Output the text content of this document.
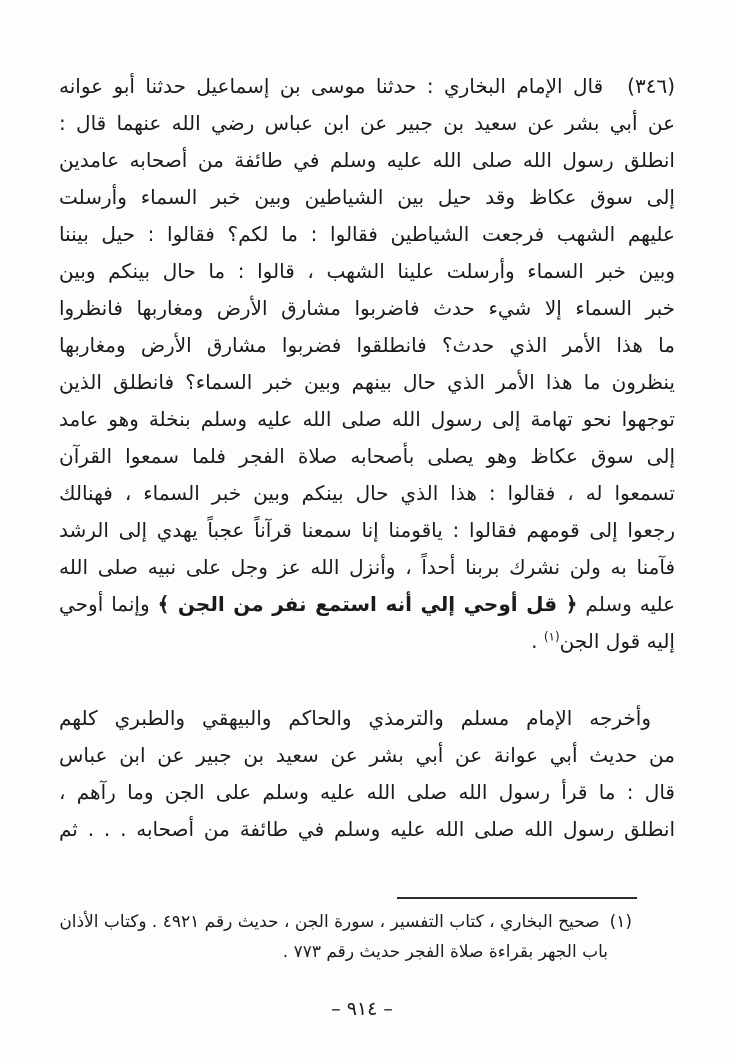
(٣٤٦)
قال الإمام البخاري : حدثنا موسى بن إسماعيل حدثنا أبو عوانه
عن أبي بشر عن سعيد بن جبير عن ابن عباس رضي الله عنهما قال :
انطلق رسول الله صلى الله عليه وسلم في طائفة من أصحابه عامدين
إلى سوق عكاظ وقد حيل بين الشياطين وبين خبر السماء وأرسلت
عليهم الشهب فرجعت الشياطين فقالوا : ما لكم؟ فقالوا : حيل بيننا
وبين خبر السماء وأرسلت علينا الشهب ، قالوا : ما حال بينكم وبين
خبر السماء إلا شيء حدث فاضربوا مشارق الأرض ومغاربها فانظروا
ما هذا الأمر الذي حدث؟ فانطلقوا فضربوا مشارق الأرض ومغاربها
ينظرون ما هذا الأمر الذي حال بينهم وبين خبر السماء؟ فانطلق الذين
توجهوا نحو تهامة إلى رسول الله صلى الله عليه وسلم بنخلة وهو عامد
إلى سوق عكاظ وهو يصلى بأصحابه صلاة الفجر فلما سمعوا القرآن
تسمعوا له ، فقالوا : هذا الذي حال بينكم وبين خبر السماء ، فهنالك
رجعوا إلى قومهم فقالوا : ياقومنا إنا سمعنا قرآناً عجباً يهدي إلى الرشد
فآمنا به ولن نشرك بربنا أحداً ، وأنزل الله عز وجل على نبيه صلى الله
عليه وسلم ﴿ قل أوحي إلي أنه استمع نفر من الجن ﴾ وإنما أوحي
إليه قول الجن$^{(١)}$ .
وأخرجه الإمام مسلم والترمذي والحاكم والبيهقي والطبري كلهم
من حديث أبي عوانة عن أبي بشر عن سعيد بن جبير عن ابن عباس
قال : ما قرأ رسول الله صلى الله عليه وسلم على الجن وما رآهم ،
انطلق رسول الله صلى الله عليه وسلم في طائفة من أصحابه . . . ثم
(١)
صحيح البخاري ، كتاب التفسير ، سورة الجن ، حديث رقم ٤٩٢١ . وكتاب الأذان
باب الجهر بقراءة صلاة الفجر حديث رقم ٧٧٣ .
– ٩١٤ –
